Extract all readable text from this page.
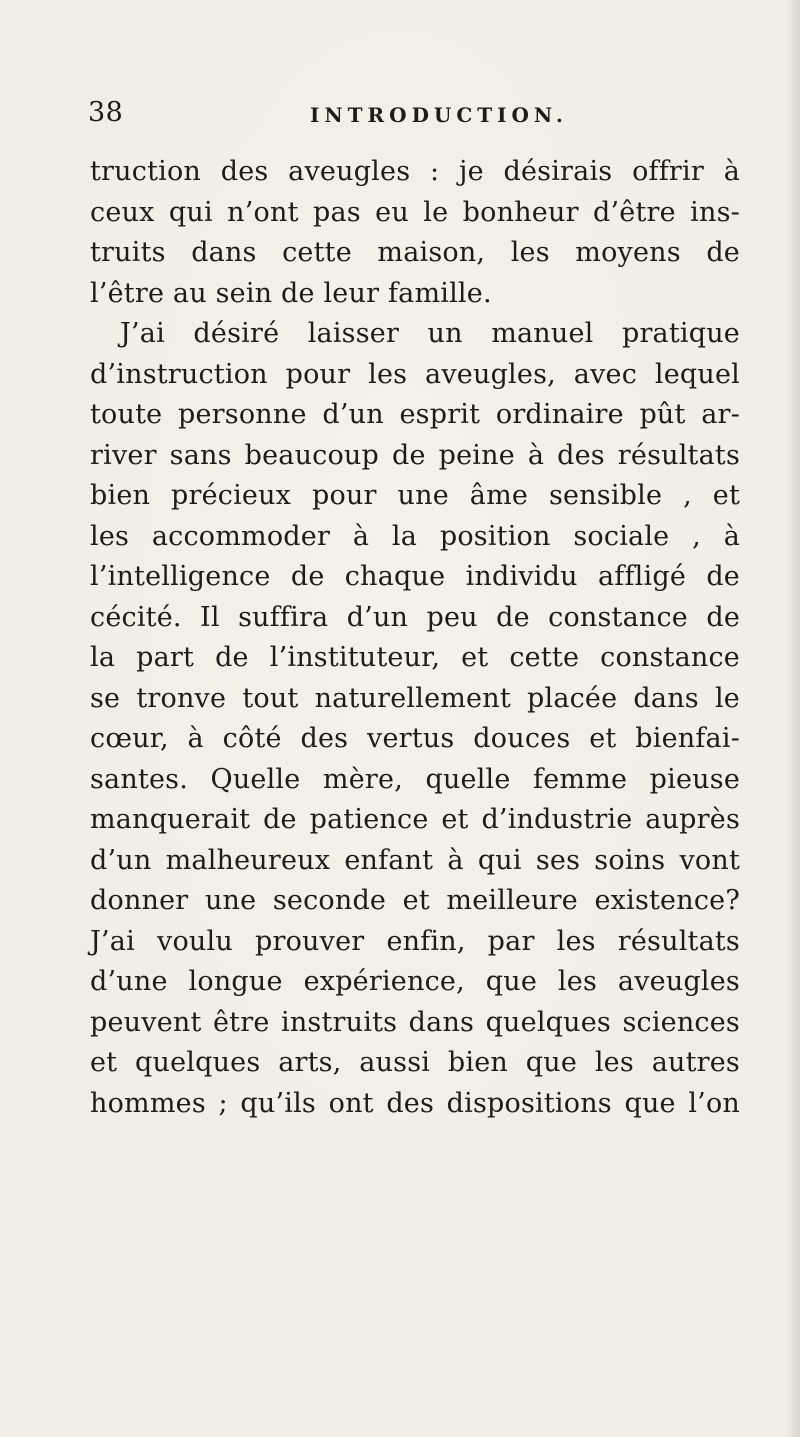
38	INTRODUCTION.
truction des aveugles : je désirais offrir à
ceux qui n’ont pas eu le bonheur d’être ins-
truits dans cette maison, les moyens de
l’être au sein de leur famille.
J’ai désiré laisser un manuel pratique
d’instruction pour les aveugles, avec lequel
toute personne d’un esprit ordinaire pût ar-
river sans beaucoup de peine à des résultats
bien précieux pour une âme sensible , et
les accommoder à la position sociale , à
l’intelligence de chaque individu affligé de
cécité. Il suffira d’un peu de constance de
la part de l’instituteur, et cette constance
se tronve tout naturellement placée dans le
cœur, à côté des vertus douces et bienfai-
santes. Quelle mère, quelle femme pieuse
manquerait de patience et d’industrie auprès
d’un malheureux enfant à qui ses soins vont
donner une seconde et meilleure existence?
J’ai voulu prouver enfin, par les résultats
d’une longue expérience, que les aveugles
peuvent être instruits dans quelques sciences
et quelques arts, aussi bien que les autres
hommes ; qu’ils ont des dispositions que l’on
